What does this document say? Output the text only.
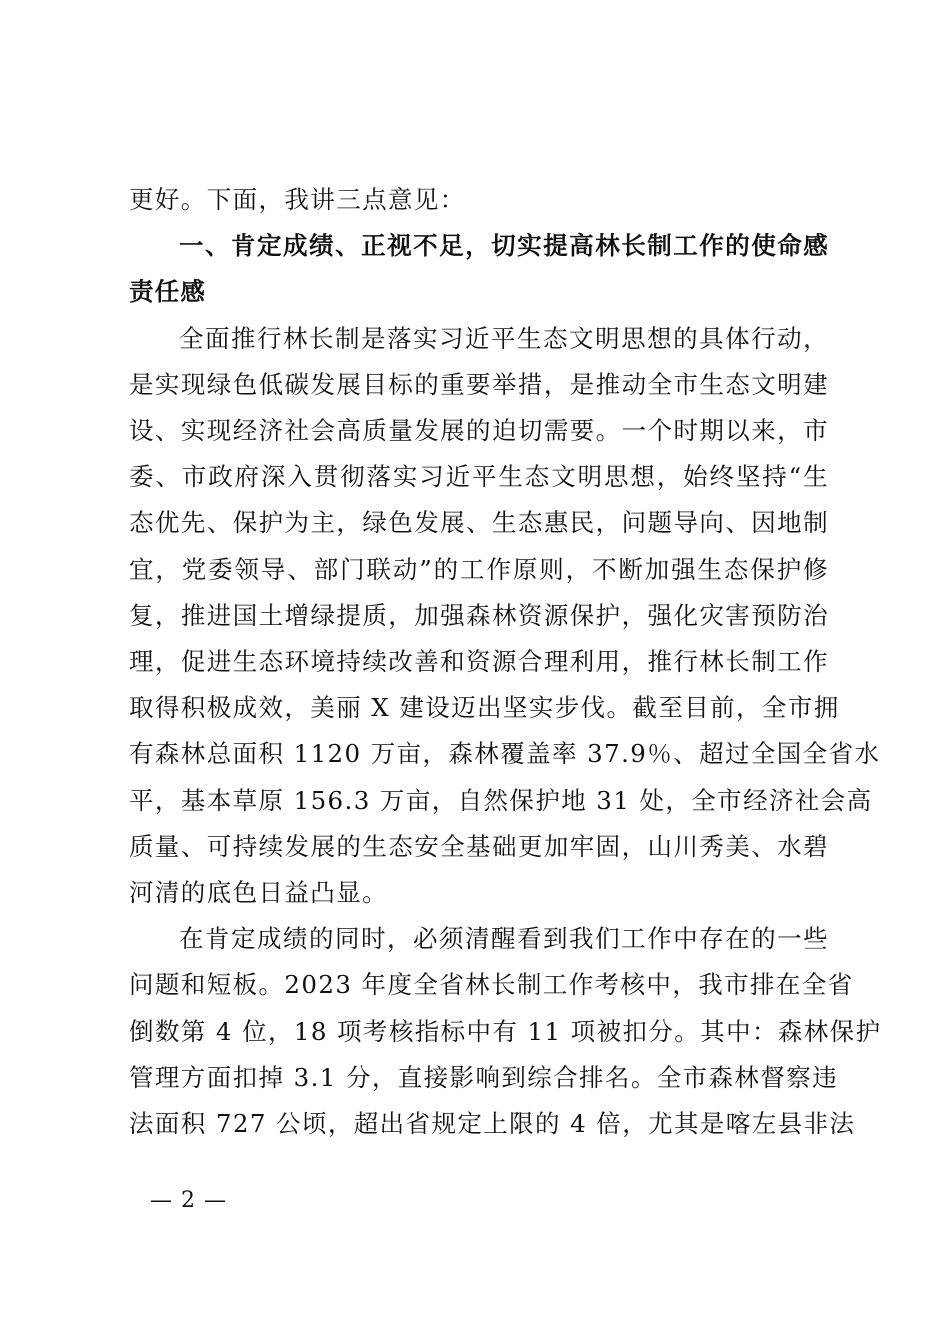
更好。下面，我讲三点意见：
一、肯定成绩、正视不足，切实提高林长制工作的使命感
责任感
全面推行林长制是落实习近平生态文明思想的具体行动，
是实现绿色低碳发展目标的重要举措，是推动全市生态文明建
设、实现经济社会高质量发展的迫切需要。一个时期以来，市
委、市政府深入贯彻落实习近平生态文明思想，始终坚持“生
态优先、保护为主，绿色发展、生态惠民，问题导向、因地制
宜，党委领导、部门联动”的工作原则，不断加强生态保护修
复，推进国土增绿提质，加强森林资源保护，强化灾害预防治
理，促进生态环境持续改善和资源合理利用，推行林长制工作
取得积极成效，美丽 X 建设迈出坚实步伐。截至目前，全市拥
有森林总面积 1120 万亩，森林覆盖率 37.9％、超过全国全省水
平，基本草原 156.3 万亩，自然保护地 31 处，全市经济社会高
质量、可持续发展的生态安全基础更加牢固，山川秀美、水碧
河清的底色日益凸显。
在肯定成绩的同时，必须清醒看到我们工作中存在的一些
问题和短板。2023 年度全省林长制工作考核中，我市排在全省
倒数第 4 位，18 项考核指标中有 11 项被扣分。其中：森林保护
管理方面扣掉 3.1 分，直接影响到综合排名。全市森林督察违
法面积 727 公顷，超出省规定上限的 4 倍，尤其是喀左县非法
— 2 —
